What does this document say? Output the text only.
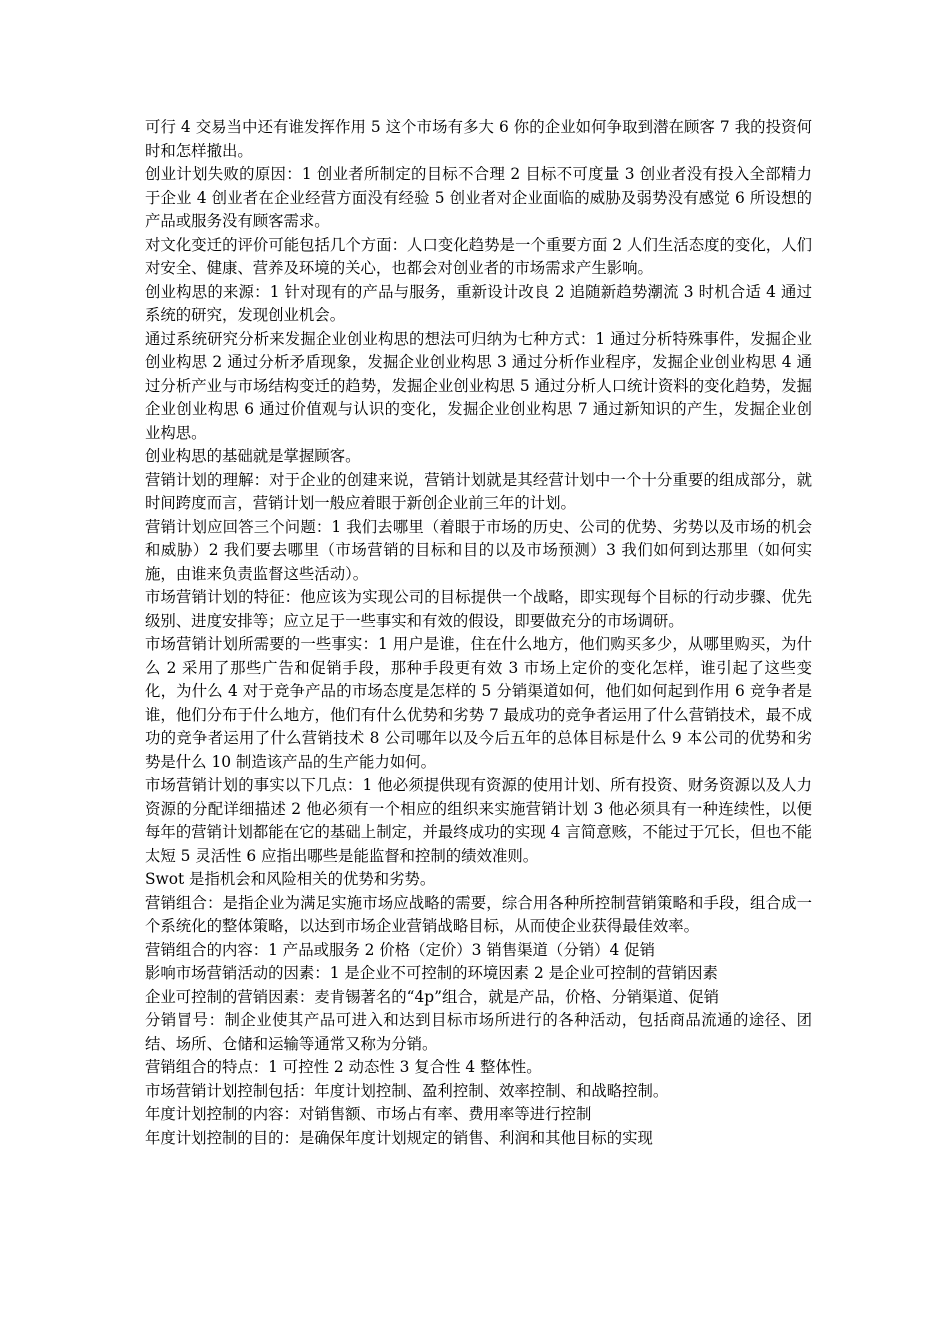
可行 4 交易当中还有谁发挥作用 5 这个市场有多大 6 你的企业如何争取到潜在顾客 7 我的投资何时和怎样撤出。

创业计划失败的原因：1 创业者所制定的目标不合理 2 目标不可度量 3 创业者没有投入全部精力于企业 4 创业者在企业经营方面没有经验 5 创业者对企业面临的威胁及弱势没有感觉 6 所设想的产品或服务没有顾客需求。

对文化变迁的评价可能包括几个方面：人口变化趋势是一个重要方面 2 人们生活态度的变化，人们对安全、健康、营养及环境的关心，也都会对创业者的市场需求产生影响。

创业构思的来源：1 针对现有的产品与服务，重新设计改良 2 追随新趋势潮流 3 时机合适 4 通过系统的研究，发现创业机会。

通过系统研究分析来发掘企业创业构思的想法可归纳为七种方式：1 通过分析特殊事件，发掘企业创业构思 2 通过分析矛盾现象，发掘企业创业构思 3 通过分析作业程序，发掘企业创业构思 4 通过分析产业与市场结构变迁的趋势，发掘企业创业构思 5 通过分析人口统计资料的变化趋势，发掘企业创业构思 6 通过价值观与认识的变化，发掘企业创业构思 7 通过新知识的产生，发掘企业创业构思。

创业构思的基础就是掌握顾客。

营销计划的理解：对于企业的创建来说，营销计划就是其经营计划中一个十分重要的组成部分，就时间跨度而言，营销计划一般应着眼于新创企业前三年的计划。

营销计划应回答三个问题：1 我们去哪里（着眼于市场的历史、公司的优势、劣势以及市场的机会和威胁）2 我们要去哪里（市场营销的目标和目的以及市场预测）3 我们如何到达那里（如何实施，由谁来负责监督这些活动）。

市场营销计划的特征：他应该为实现公司的目标提供一个战略，即实现每个目标的行动步骤、优先级别、进度安排等；应立足于一些事实和有效的假设，即要做充分的市场调研。

市场营销计划所需要的一些事实：1 用户是谁，住在什么地方，他们购买多少，从哪里购买，为什么 2 采用了那些广告和促销手段，那种手段更有效 3 市场上定价的变化怎样，谁引起了这些变化，为什么 4 对于竞争产品的市场态度是怎样的 5 分销渠道如何，他们如何起到作用 6 竞争者是谁，他们分布于什么地方，他们有什么优势和劣势 7 最成功的竞争者运用了什么营销技术，最不成功的竞争者运用了什么营销技术 8 公司哪年以及今后五年的总体目标是什么 9 本公司的优势和劣势是什么 10 制造该产品的生产能力如何。

市场营销计划的事实以下几点：1 他必须提供现有资源的使用计划、所有投资、财务资源以及人力资源的分配详细描述 2 他必须有一个相应的组织来实施营销计划 3 他必须具有一种连续性，以便每年的营销计划都能在它的基础上制定，并最终成功的实现 4 言简意赅，不能过于冗长，但也不能太短 5 灵活性 6 应指出哪些是能监督和控制的绩效准则。

Swot 是指机会和风险相关的优势和劣势。

营销组合：是指企业为满足实施市场应战略的需要，综合用各种所控制营销策略和手段，组合成一个系统化的整体策略，以达到市场企业营销战略目标，从而使企业获得最佳效率。

营销组合的内容：1 产品或服务 2 价格（定价）3 销售渠道（分销）4 促销

影响市场营销活动的因素：1 是企业不可控制的环境因素 2 是企业可控制的营销因素

企业可控制的营销因素：麦肯锡著名的“4p”组合，就是产品，价格、分销渠道、促销

分销冒号：制企业使其产品可进入和达到目标市场所进行的各种活动，包括商品流通的途径、团结、场所、仓储和运输等通常又称为分销。

营销组合的特点：1 可控性 2 动态性 3 复合性 4 整体性。

市场营销计划控制包括：年度计划控制、盈利控制、效率控制、和战略控制。

年度计划控制的内容：对销售额、市场占有率、费用率等进行控制

年度计划控制的目的：是确保年度计划规定的销售、利润和其他目标的实现
